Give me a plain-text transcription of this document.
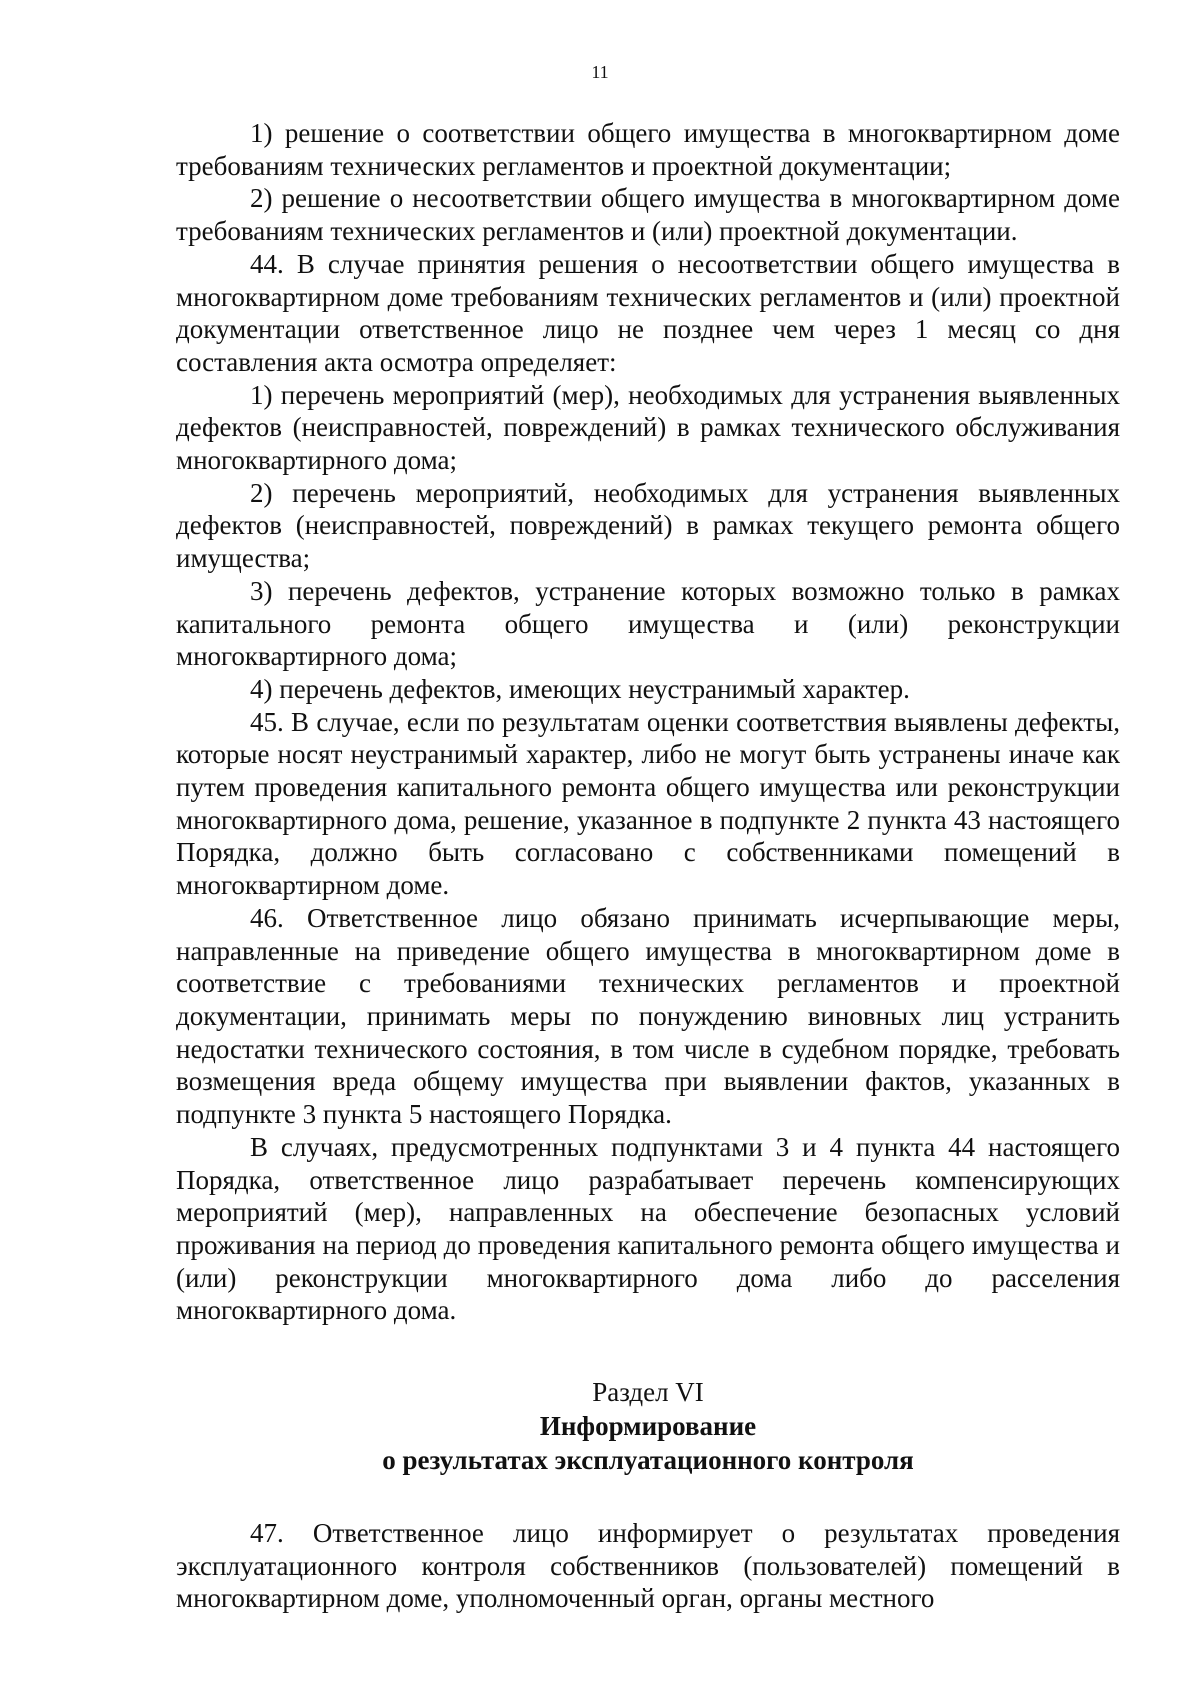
11

1) решение о соответствии общего имущества в многоквартирном доме требованиям технических регламентов и проектной документации;

2) решение о несоответствии общего имущества в многоквартирном доме требованиям технических регламентов и (или) проектной документации.

44. В случае принятия решения о несоответствии общего имущества в многоквартирном доме требованиям технических регламентов и (или) проектной документации ответственное лицо не позднее чем через 1 месяц со дня составления акта осмотра определяет:

1) перечень мероприятий (мер), необходимых для устранения выявленных дефектов (неисправностей, повреждений) в рамках технического обслуживания многоквартирного дома;

2) перечень мероприятий, необходимых для устранения выявленных дефектов (неисправностей, повреждений) в рамках текущего ремонта общего имущества;

3) перечень дефектов, устранение которых возможно только в рамках капитального ремонта общего имущества и (или) реконструкции многоквартирного дома;

4) перечень дефектов, имеющих неустранимый характер.

45. В случае, если по результатам оценки соответствия выявлены дефекты, которые носят неустранимый характер, либо не могут быть устранены иначе как путем проведения капитального ремонта общего имущества или реконструкции многоквартирного дома, решение, указанное в подпункте 2 пункта 43 настоящего Порядка, должно быть согласовано с собственниками помещений в многоквартирном доме.

46. Ответственное лицо обязано принимать исчерпывающие меры, направленные на приведение общего имущества в многоквартирном доме в соответствие с требованиями технических регламентов и проектной документации, принимать меры по понуждению виновных лиц устранить недостатки технического состояния, в том числе в судебном порядке, требовать возмещения вреда общему имущества при выявлении фактов, указанных в подпункте 3 пункта 5 настоящего Порядка.

В случаях, предусмотренных подпунктами 3 и 4 пункта 44 настоящего Порядка, ответственное лицо разрабатывает перечень компенсирующих мероприятий (мер), направленных на обеспечение безопасных условий проживания на период до проведения капитального ремонта общего имущества и (или) реконструкции многоквартирного дома либо до расселения многоквартирного дома.

Раздел VI
Информирование
о результатах эксплуатационного контроля

47. Ответственное лицо информирует о результатах проведения эксплуатационного контроля собственников (пользователей) помещений в многоквартирном доме, уполномоченный орган, органы местного
